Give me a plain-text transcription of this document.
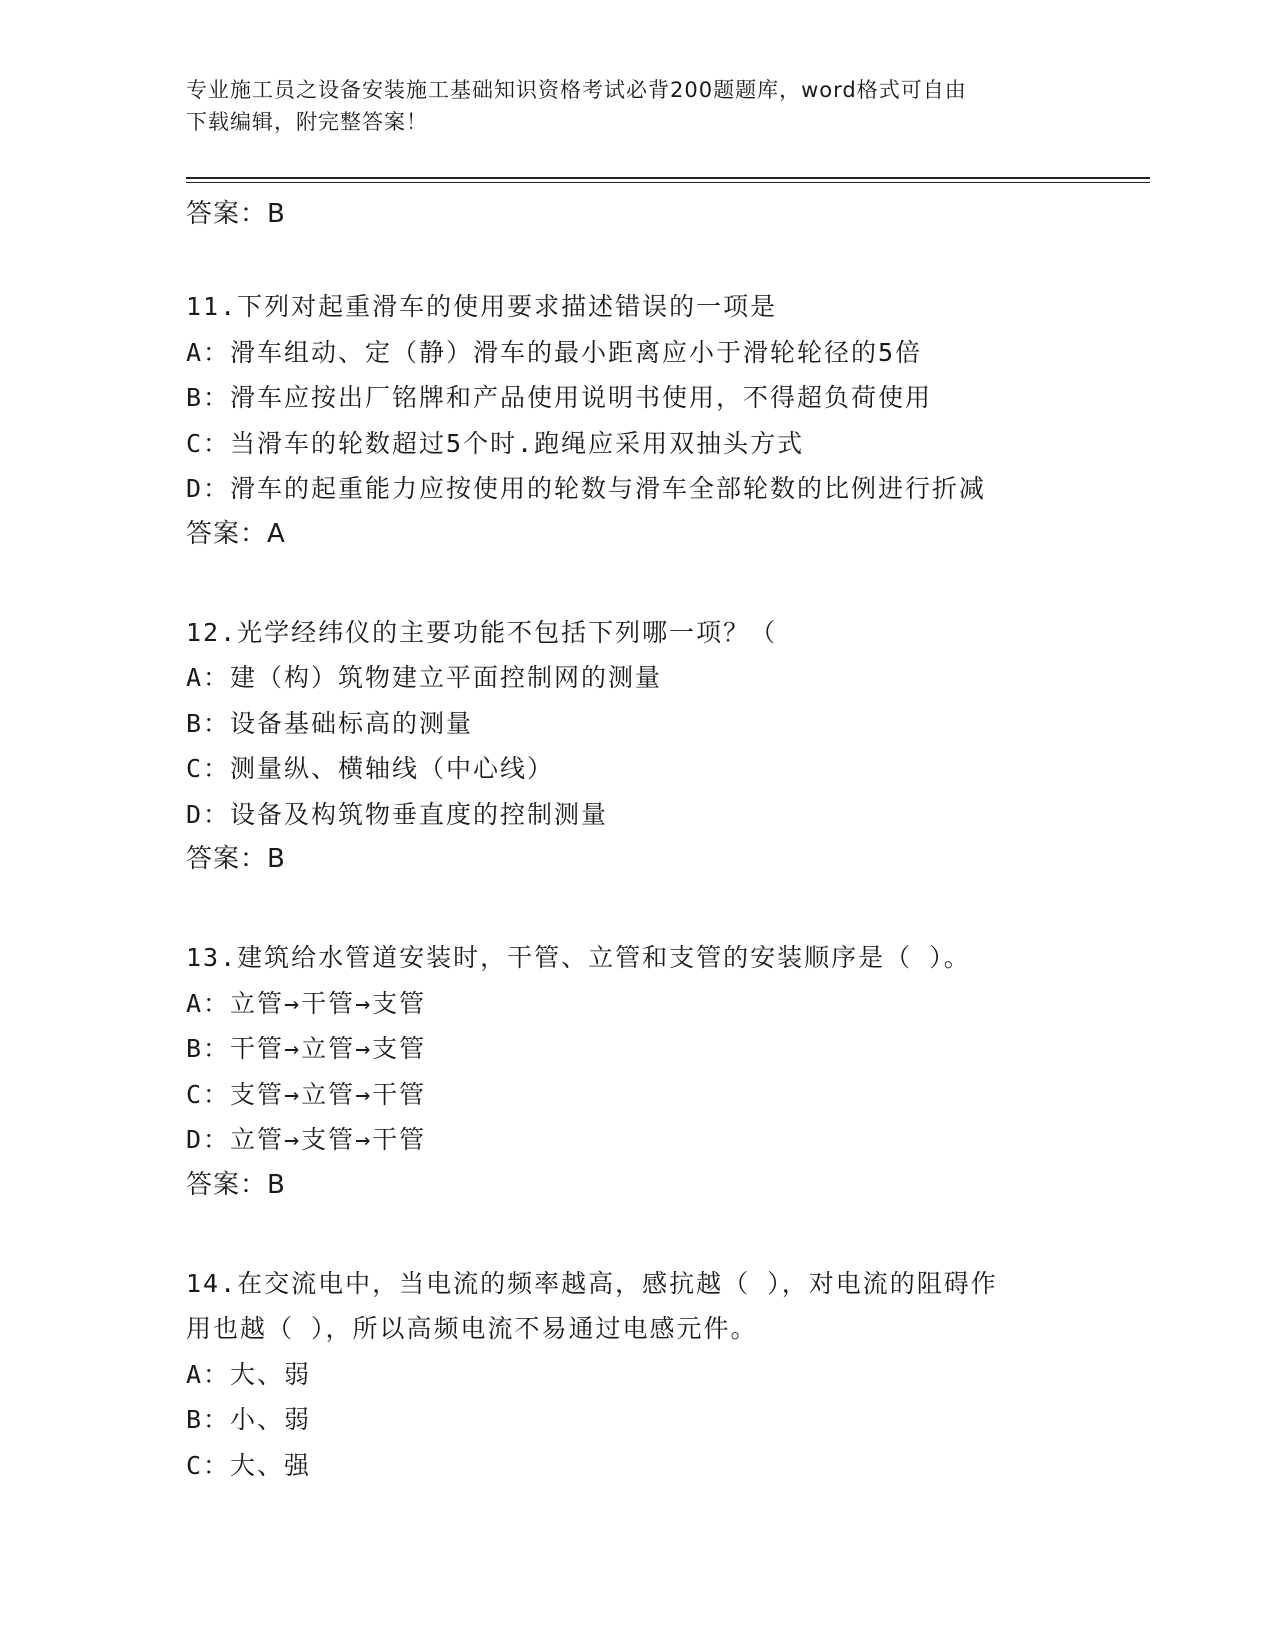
专业施工员之设备安装施工基础知识资格考试必背200题题库，word格式可自由

下载编辑，附完整答案！

答案：B

11.下列对起重滑车的使用要求描述错误的一项是

A：滑车组动、定（静）滑车的最小距离应小于滑轮轮径的5倍

B：滑车应按出厂铭牌和产品使用说明书使用，不得超负荷使用

C：当滑车的轮数超过5个时.跑绳应采用双抽头方式

D：滑车的起重能力应按使用的轮数与滑车全部轮数的比例进行折减

答案：A

12.光学经纬仪的主要功能不包括下列哪一项？（

A：建（构）筑物建立平面控制网的测量

B：设备基础标高的测量

C：测量纵、横轴线（中心线）

D：设备及构筑物垂直度的控制测量

答案：B

13.建筑给水管道安装时，干管、立管和支管的安装顺序是（ ）。

A：立管→干管→支管

B：干管→立管→支管

C：支管→立管→干管

D：立管→支管→干管

答案：B

14.在交流电中，当电流的频率越高，感抗越（ ），对电流的阻碍作

用也越（ ），所以高频电流不易通过电感元件。

A：大、弱

B：小、弱

C：大、强
